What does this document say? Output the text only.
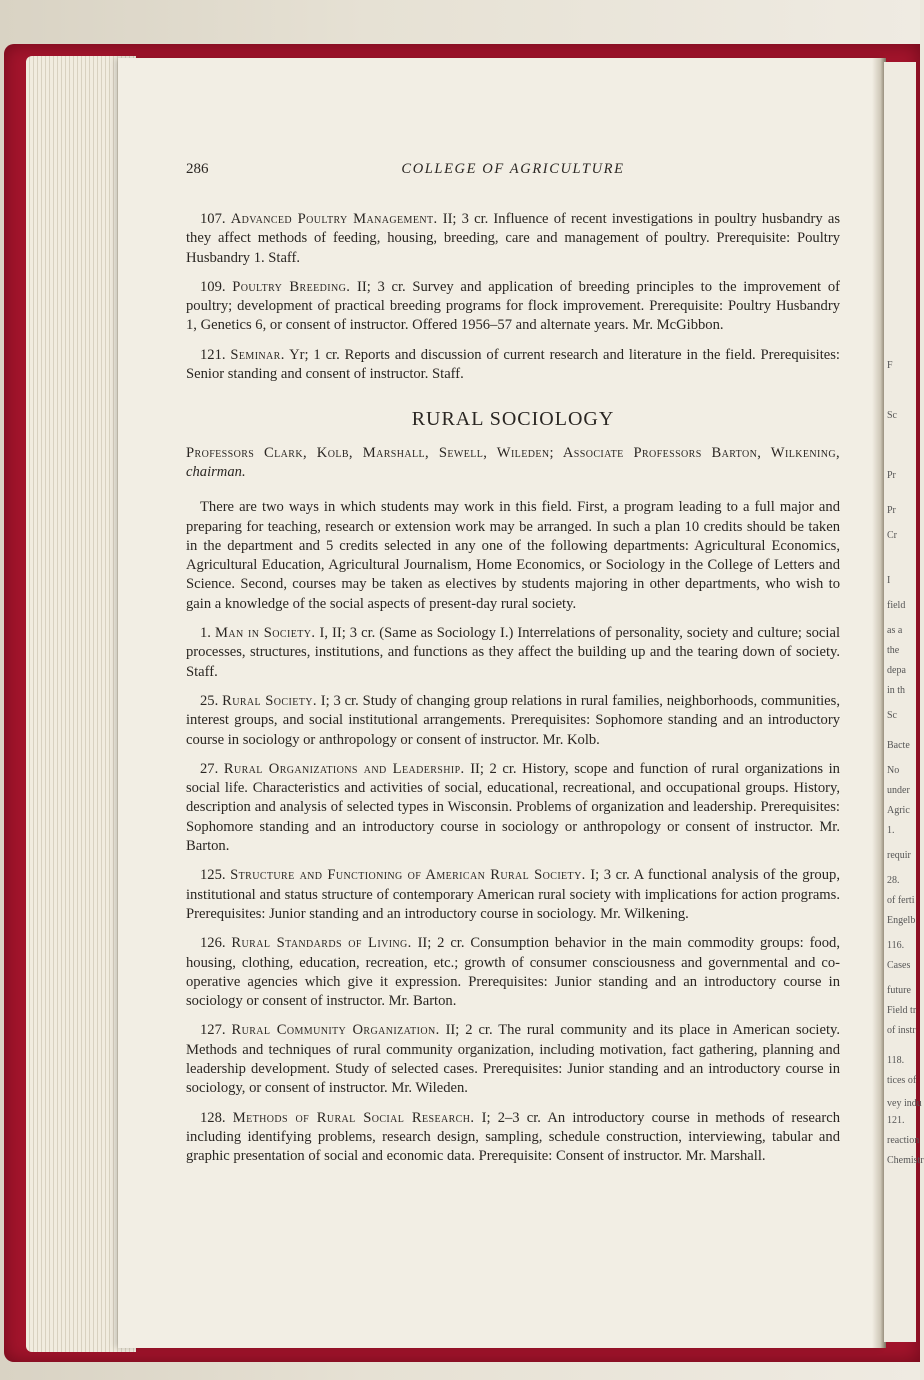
F
Sc
Pr
Pr
Cr
I
field
as a
the
depa
in th
Sc
Bacte
No
under
Agric
1.
requir
28.
of ferti
Engelb
116.
Cases
future
Field tr
of instr
118.
tices of
vey indu
121.
reaction
Chemistr
286	COLLEGE OF AGRICULTURE

107. Advanced Poultry Management. II; 3 cr. Influence of recent investigations in poultry husbandry as they affect methods of feeding, housing, breeding, care and management of poultry. Prerequisite: Poultry Husbandry 1. Staff.

109. Poultry Breeding. II; 3 cr. Survey and application of breeding principles to the improvement of poultry; development of practical breeding programs for flock improvement. Prerequisite: Poultry Husbandry 1, Genetics 6, or consent of instructor. Offered 1956–57 and alternate years. Mr. McGibbon.

121. Seminar. Yr; 1 cr. Reports and discussion of current research and literature in the field. Prerequisites: Senior standing and consent of instructor. Staff.

RURAL SOCIOLOGY

Professors Clark, Kolb, Marshall, Sewell, Wileden; Associate Professors Barton, Wilkening, chairman.

There are two ways in which students may work in this field. First, a program leading to a full major and preparing for teaching, research or extension work may be arranged. In such a plan 10 credits should be taken in the department and 5 credits selected in any one of the following departments: Agricultural Economics, Agricultural Education, Agricultural Journalism, Home Economics, or Sociology in the College of Letters and Science. Second, courses may be taken as electives by students majoring in other departments, who wish to gain a knowledge of the social aspects of present-day rural society.

1. Man in Society. I, II; 3 cr. (Same as Sociology I.) Interrelations of personality, society and culture; social processes, structures, institutions, and functions as they affect the building up and the tearing down of society. Staff.

25. Rural Society. I; 3 cr. Study of changing group relations in rural families, neighborhoods, communities, interest groups, and social institutional arrangements. Prerequisites: Sophomore standing and an introductory course in sociology or anthropology or consent of instructor. Mr. Kolb.

27. Rural Organizations and Leadership. II; 2 cr. History, scope and function of rural organizations in social life. Characteristics and activities of social, educational, recreational, and occupational groups. History, description and analysis of selected types in Wisconsin. Problems of organization and leadership. Prerequisites: Sophomore standing and an introductory course in sociology or anthropology or consent of instructor. Mr. Barton.

125. Structure and Functioning of American Rural Society. I; 3 cr. A functional analysis of the group, institutional and status structure of contemporary American rural society with implications for action programs. Prerequisites: Junior standing and an introductory course in sociology. Mr. Wilkening.

126. Rural Standards of Living. II; 2 cr. Consumption behavior in the main commodity groups: food, housing, clothing, education, recreation, etc.; growth of consumer consciousness and governmental and co-operative agencies which give it expression. Prerequisites: Junior standing and an introductory course in sociology or consent of instructor. Mr. Barton.

127. Rural Community Organization. II; 2 cr. The rural community and its place in American society. Methods and techniques of rural community organization, including motivation, fact gathering, planning and leadership development. Study of selected cases. Prerequisites: Junior standing and an introductory course in sociology, or consent of instructor. Mr. Wileden.

128. Methods of Rural Social Research. I; 2–3 cr. An introductory course in methods of research including identifying problems, research design, sampling, schedule construction, interviewing, tabular and graphic presentation of social and economic data. Prerequisite: Consent of instructor. Mr. Marshall.
